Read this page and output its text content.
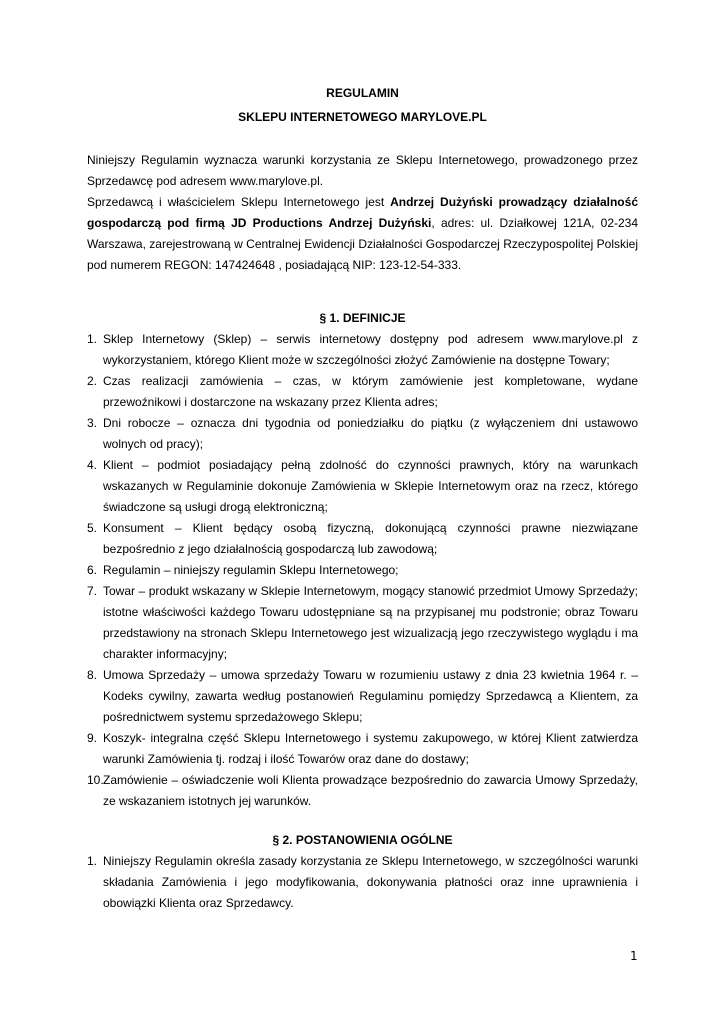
REGULAMIN
SKLEPU INTERNETOWEGO MARYLOVE.PL

Niniejszy Regulamin wyznacza warunki korzystania ze Sklepu Internetowego, prowadzonego przez Sprzedawcę pod adresem www.marylove.pl.

Sprzedawcą i właścicielem Sklepu Internetowego jest Andrzej Dużyński prowadzący działalność gospodarczą pod firmą JD Productions Andrzej Dużyński, adres: ul. Działkowej 121A, 02-234 Warszawa, zarejestrowaną w Centralnej Ewidencji Działalności Gospodarczej Rzeczypospolitej Polskiej pod numerem REGON: 147424648 , posiadającą NIP: 123-12-54-333.

§ 1. DEFINICJE
1. Sklep Internetowy (Sklep) – serwis internetowy dostępny pod adresem www.marylove.pl z wykorzystaniem, którego Klient może w szczególności złożyć Zamówienie na dostępne Towary;
2. Czas realizacji zamówienia – czas, w którym zamówienie jest kompletowane, wydane przewoźnikowi i dostarczone na wskazany przez Klienta adres;
3. Dni robocze – oznacza dni tygodnia od poniedziałku do piątku (z wyłączeniem dni ustawowo wolnych od pracy);
4. Klient – podmiot posiadający pełną zdolność do czynności prawnych, który na warunkach wskazanych w Regulaminie dokonuje Zamówienia w Sklepie Internetowym oraz na rzecz, którego świadczone są usługi drogą elektroniczną;
5. Konsument – Klient będący osobą fizyczną, dokonującą czynności prawne niezwiązane bezpośrednio z jego działalnością gospodarczą lub zawodową;
6. Regulamin – niniejszy regulamin Sklepu Internetowego;
7. Towar – produkt wskazany w Sklepie Internetowym, mogący stanowić przedmiot Umowy Sprzedaży; istotne właściwości każdego Towaru udostępniane są na przypisanej mu podstronie; obraz Towaru przedstawiony na stronach Sklepu Internetowego jest wizualizacją jego rzeczywistego wyglądu i ma charakter informacyjny;
8. Umowa Sprzedaży – umowa sprzedaży Towaru w rozumieniu ustawy z dnia 23 kwietnia 1964 r. – Kodeks cywilny, zawarta według postanowień Regulaminu pomiędzy Sprzedawcą a Klientem, za pośrednictwem systemu sprzedażowego Sklepu;
9. Koszyk- integralna część Sklepu Internetowego i systemu zakupowego, w której Klient zatwierdza warunki Zamówienia tj. rodzaj i ilość Towarów oraz dane do dostawy;
10. Zamówienie – oświadczenie woli Klienta prowadzące bezpośrednio do zawarcia Umowy Sprzedaży, ze wskazaniem istotnych jej warunków.
§ 2. POSTANOWIENIA OGÓLNE
1. Niniejszy Regulamin określa zasady korzystania ze Sklepu Internetowego, w szczególności warunki składania Zamówienia i jego modyfikowania, dokonywania płatności oraz inne uprawnienia i obowiązki Klienta oraz Sprzedawcy.
1
